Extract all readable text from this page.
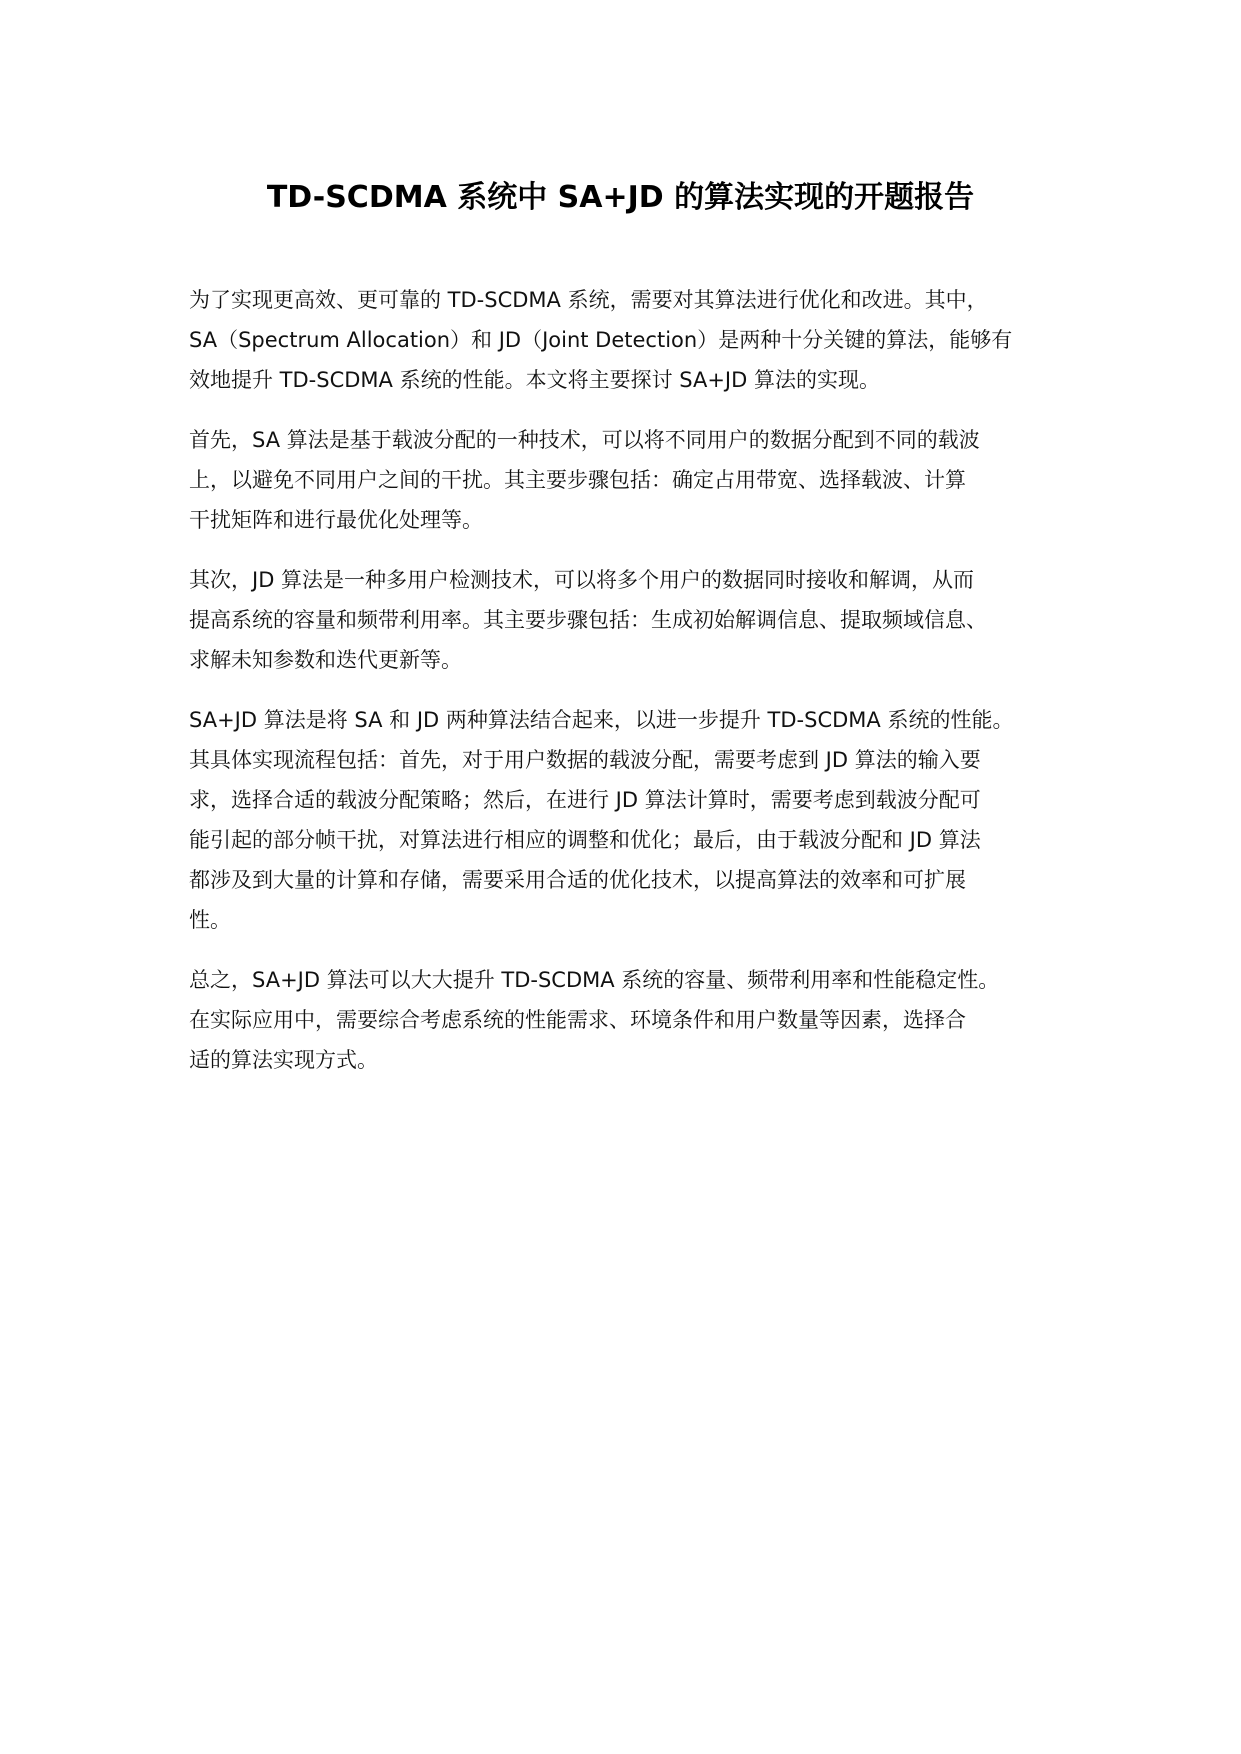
TD-SCDMA 系统中 SA+JD 的算法实现的开题报告

为了实现更高效、更可靠的 TD-SCDMA 系统，需要对其算法进行优化和改进。其中，
SA（Spectrum Allocation）和 JD（Joint Detection）是两种十分关键的算法，能够有
效地提升 TD-SCDMA 系统的性能。本文将主要探讨 SA+JD 算法的实现。

首先，SA 算法是基于载波分配的一种技术，可以将不同用户的数据分配到不同的载波
上，以避免不同用户之间的干扰。其主要步骤包括：确定占用带宽、选择载波、计算
干扰矩阵和进行最优化处理等。

其次，JD 算法是一种多用户检测技术，可以将多个用户的数据同时接收和解调，从而
提高系统的容量和频带利用率。其主要步骤包括：生成初始解调信息、提取频域信息、
求解未知参数和迭代更新等。

SA+JD 算法是将 SA 和 JD 两种算法结合起来，以进一步提升 TD-SCDMA 系统的性能。
其具体实现流程包括：首先，对于用户数据的载波分配，需要考虑到 JD 算法的输入要
求，选择合适的载波分配策略；然后，在进行 JD 算法计算时，需要考虑到载波分配可
能引起的部分帧干扰，对算法进行相应的调整和优化；最后，由于载波分配和 JD 算法
都涉及到大量的计算和存储，需要采用合适的优化技术，以提高算法的效率和可扩展
性。

总之，SA+JD 算法可以大大提升 TD-SCDMA 系统的容量、频带利用率和性能稳定性。
在实际应用中，需要综合考虑系统的性能需求、环境条件和用户数量等因素，选择合
适的算法实现方式。
